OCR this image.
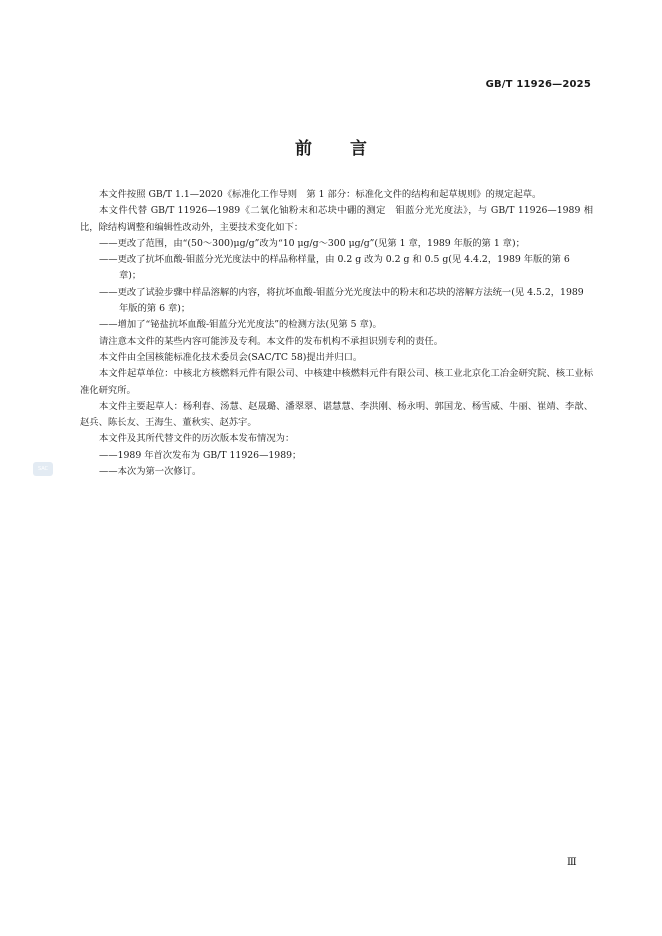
GB/T 11926—2025
前 言

本文件按照 GB/T 1.1—2020《标准化工作导则　第 1 部分：标准化文件的结构和起草规则》的规定起草。

本文件代替 GB/T 11926—1989《二氧化铀粉末和芯块中硼的测定　钼蓝分光光度法》，与 GB/T 11926—1989 相比，除结构调整和编辑性改动外，主要技术变化如下：

——更改了范围，由“(50～300)μg/g”改为“10 μg/g～300 μg/g”(见第 1 章，1989 年版的第 1 章)；

——更改了抗坏血酸-钼蓝分光光度法中的样品称样量，由 0.2 g 改为 0.2 g 和 0.5 g(见 4.4.2，1989 年版的第 6 章)；

——更改了试验步骤中样品溶解的内容，将抗坏血酸-钼蓝分光光度法中的粉末和芯块的溶解方法统一(见 4.5.2，1989 年版的第 6 章)；

——增加了“铋盐抗坏血酸-钼蓝分光光度法”的检测方法(见第 5 章)。

请注意本文件的某些内容可能涉及专利。本文件的发布机构不承担识别专利的责任。

本文件由全国核能标准化技术委员会(SAC/TC 58)提出并归口。

本文件起草单位：中核北方核燃料元件有限公司、中核建中核燃料元件有限公司、核工业北京化工冶金研究院、核工业标准化研究所。

本文件主要起草人：杨利春、汤慧、赵晟璐、潘翠翠、谌慧慧、李洪刚、杨永明、郭国龙、杨雪威、牛丽、崔靖、李歆、赵兵、陈长友、王海生、董秋实、赵苏宇。

本文件及其所代替文件的历次版本发布情况为：

——1989 年首次发布为 GB/T 11926—1989；

——本次为第一次修订。

SAC
Ⅲ
